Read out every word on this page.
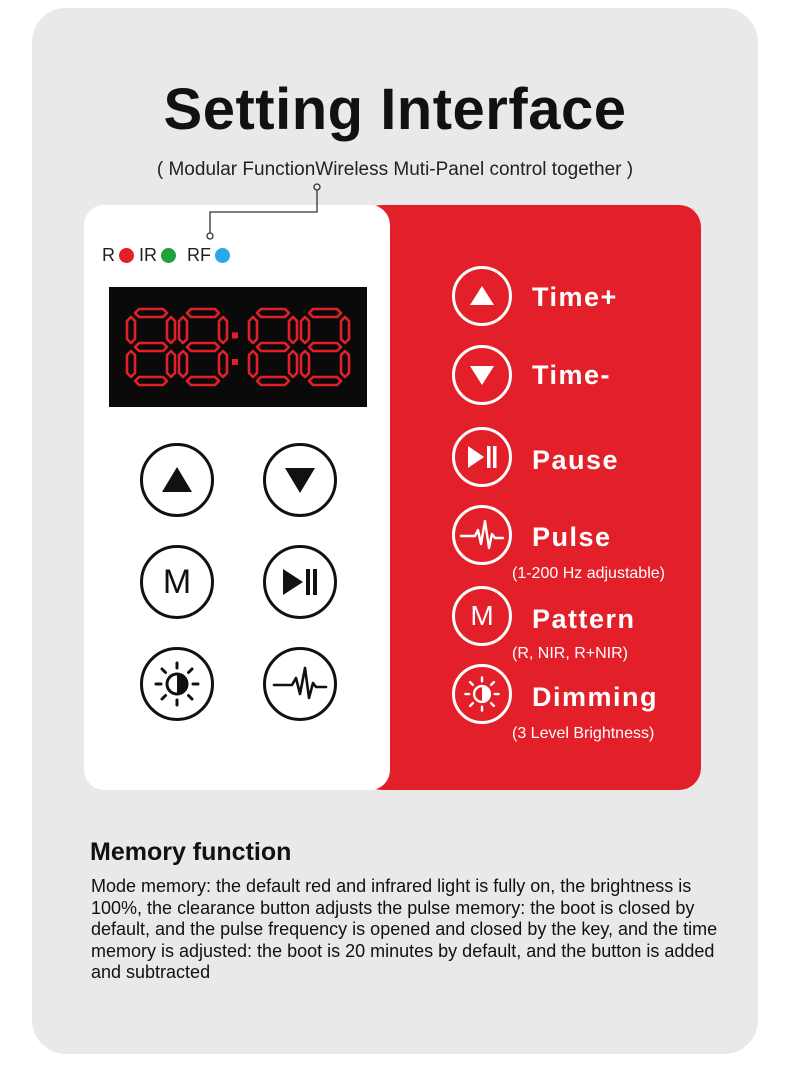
Setting Interface
( Modular FunctionWireless Muti-Panel control together )
R IR RF
M
M
Time+
Time-
Pause
Pulse
(1-200 Hz adjustable)
Pattern
(R, NIR, R+NIR)
Dimming
(3 Level Brightness)
Memory function
Mode memory: the default red and infrared light is fully on, the brightness is 100%, the clearance button adjusts the pulse memory: the boot is closed by default, and the pulse frequency is opened and closed by the key, and the time memory is adjusted: the boot is 20 minutes by default, and the button is added and subtracted
